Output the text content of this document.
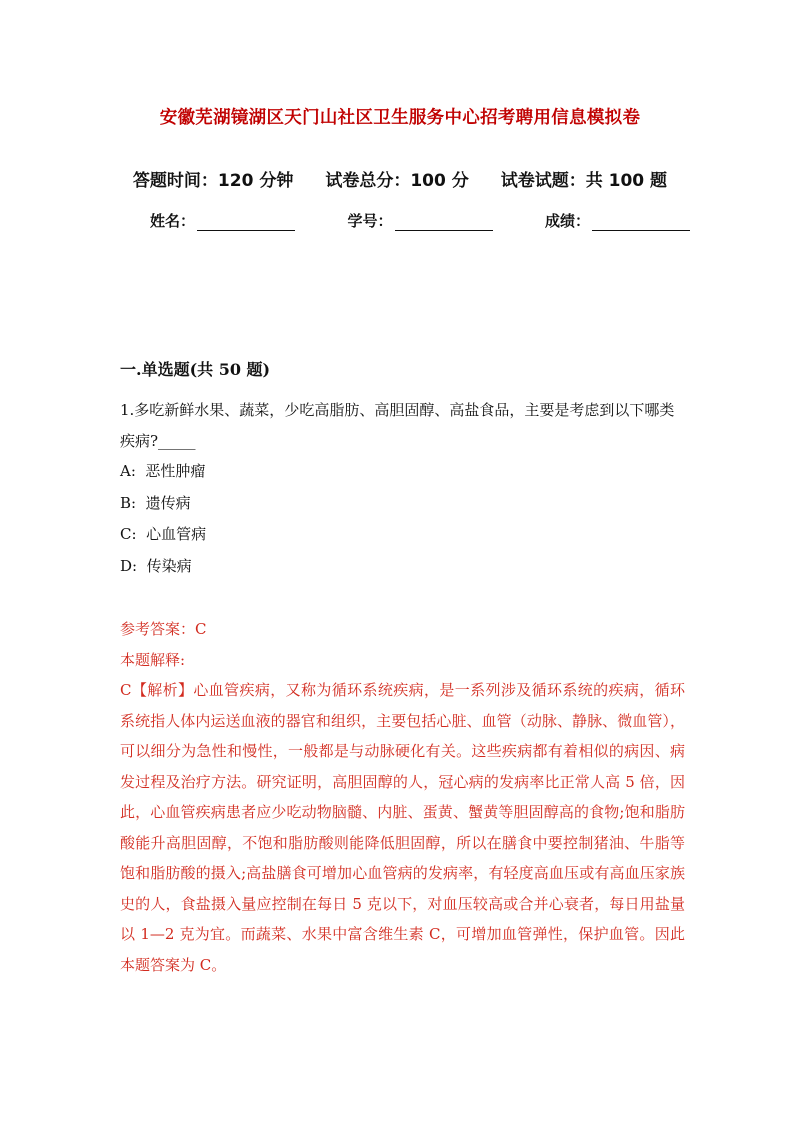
安徽芜湖镜湖区天门山社区卫生服务中心招考聘用信息模拟卷
答题时间：120 分钟 试卷总分：100 分 试卷试题：共 100 题
姓名：	学号：	成绩：
一.单选题(共 50 题)
1.多吃新鲜水果、蔬菜，少吃高脂肪、高胆固醇、高盐食品，主要是考虑到以下哪类疾病?_____
A:  恶性肿瘤
B:  遗传病
C:  心血管病
D:  传染病
参考答案：C
本题解释:
C【解析】心血管疾病，又称为循环系统疾病，是一系列涉及循环系统的疾病，循环系统指人体内运送血液的器官和组织，主要包括心脏、血管（动脉、静脉、微血管），可以细分为急性和慢性，一般都是与动脉硬化有关。这些疾病都有着相似的病因、病发过程及治疗方法。研究证明，高胆固醇的人，冠心病的发病率比正常人高 5 倍，因此，心血管疾病患者应少吃动物脑髓、内脏、蛋黄、蟹黄等胆固醇高的食物;饱和脂肪酸能升高胆固醇，不饱和脂肪酸则能降低胆固醇，所以在膳食中要控制猪油、牛脂等饱和脂肪酸的摄入;高盐膳食可增加心血管病的发病率，有轻度高血压或有高血压家族史的人，食盐摄入量应控制在每日 5 克以下，对血压较高或合并心衰者，每日用盐量以 1—2 克为宜。而蔬菜、水果中富含维生素 C，可增加血管弹性，保护血管。因此本题答案为 C。
